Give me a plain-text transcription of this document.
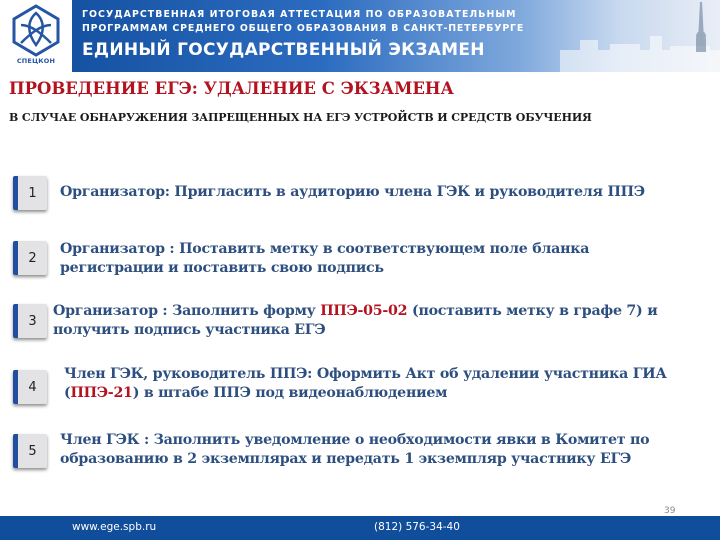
СПЕЦКОН
ГОСУДАРСТВЕННАЯ ИТОГОВАЯ АТТЕСТАЦИЯ ПО ОБРАЗОВАТЕЛЬНЫМ
ПРОГРАММАМ СРЕДНЕГО ОБЩЕГО ОБРАЗОВАНИЯ В САНКТ-ПЕТЕРБУРГЕ
ЕДИНЫЙ ГОСУДАРСТВЕННЫЙ ЭКЗАМЕН
ПРОВЕДЕНИЕ ЕГЭ: УДАЛЕНИЕ С ЭКЗАМЕНА
В СЛУЧАЕ ОБНАРУЖЕНИЯ ЗАПРЕЩЕННЫХ НА ЕГЭ УСТРОЙСТВ И СРЕДСТВ ОБУЧЕНИЯ
1	Организатор: Пригласить в аудиторию члена ГЭК и руководителя ППЭ
2
Организатор : Поставить метку в соответствующем поле бланка
регистрации и поставить свою подпись
3
Организатор : Заполнить форму ППЭ-05-02 (поставить метку в графе 7) и
получить подпись участника ЕГЭ
4
Член ГЭК, руководитель ППЭ: Оформить Акт об удалении участника ГИА
(ППЭ-21) в штабе ППЭ под видеонаблюдением
5
Член ГЭК : Заполнить уведомление о необходимости явки в Комитет по
образованию в 2 экземплярах и передать 1 экземпляр участнику ЕГЭ
39
www.ege.spb.ru	(812) 576-34-40
